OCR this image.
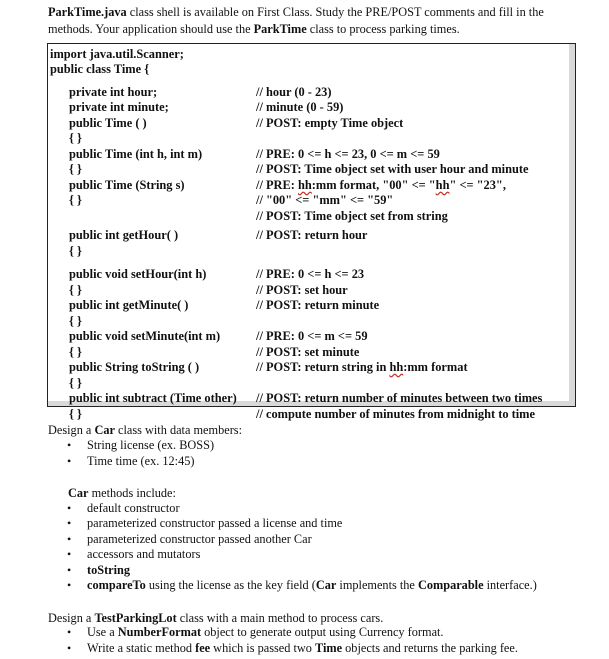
ParkTime.java class shell is available on First Class. Study the PRE/POST comments and fill in the methods. Your application should use the ParkTime class to process parking times.
import java.util.Scanner;
public class Time {
private int hour;	// hour (0 - 23)
private int minute;	// minute (0 - 59)
public Time ( )	// POST: empty Time object
{ }
public Time (int h, int m)	// PRE: 0 <= h <= 23, 0 <= m <= 59
{ }	// POST: Time object set with user hour and minute
public Time (String s)	// PRE: hh:mm format, "00" <= "hh" <= "23",
{ }	// "00" <= "mm" <= "59"
// POST: Time object set from string
public int getHour( )	// POST: return hour
{ }
public void setHour(int h)	// PRE: 0 <= h <= 23
{ }	// POST: set hour
public int getMinute( )	// POST: return minute
{ }
public void setMinute(int m)	// PRE: 0 <= m <= 59
{ }	// POST: set minute
public String toString ( )	// POST: return string in hh:mm format
{ }
public int subtract (Time other) // POST: return number of minutes between two times
{ }	// compute number of minutes from midnight to time
Design a Car class with data members:
• String license (ex. BOSS)
• Time time (ex. 12:45)
Car methods include:
• default constructor
• parameterized constructor passed a license and time
• parameterized constructor passed another Car
• accessors and mutators
• toString
• compareTo using the license as the key field (Car implements the Comparable interface.)
Design a TestParkingLot class with a main method to process cars.
• Use a NumberFormat object to generate output using Currency format.
• Write a static method fee which is passed two Time objects and returns the parking fee.
